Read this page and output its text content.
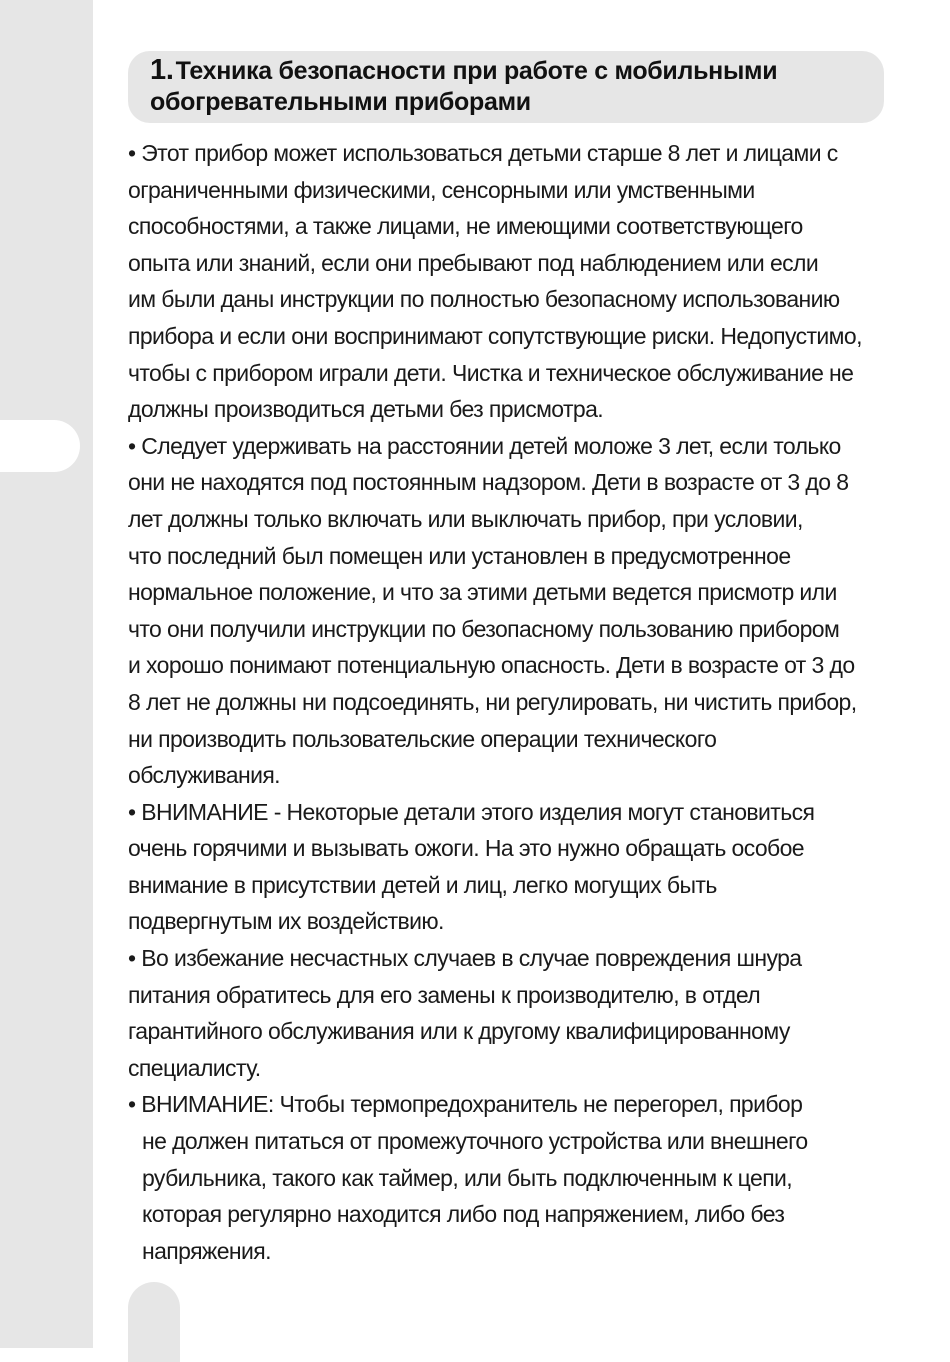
1.Техника безопасности при работе с мобильными
обогревательными приборами

• Этот прибор может использоваться детьми старше 8 лет и лицами с
ограниченными физическими, сенсорными или умственными
способностями, а также лицами, не имеющими соответствующего
опыта или знаний, если они пребывают под наблюдением или если
им были даны инструкции по полностью безопасному использованию
прибора и если они воспринимают сопутствующие риски. Недопустимо,
чтобы с прибором играли дети. Чистка и техническое обслуживание не
должны производиться детьми без присмотра.

• Следует удерживать на расстоянии детей моложе 3 лет, если только
они не находятся под постоянным надзором. Дети в возрасте от 3 до 8
лет должны только включать или выключать прибор, при условии,
что последний был помещен или установлен в предусмотренное
нормальное положение, и что за этими детьми ведется присмотр или
что они получили инструкции по безопасному пользованию прибором
и хорошо понимают потенциальную опасность. Дети в возрасте от 3 до
8 лет не должны ни подсоединять, ни регулировать, ни чистить прибор,
ни производить пользовательские операции технического
обслуживания.

• ВНИМАНИЕ - Некоторые детали этого изделия могут становиться
очень горячими и вызывать ожоги. На это нужно обращать особое
внимание в присутствии детей и лиц, легко могущих быть
подвергнутым их воздействию.

• Во избежание несчастных случаев в случае повреждения шнура
питания обратитесь для его замены к производителю, в отдел
гарантийного обслуживания или к другому квалифицированному
специалисту.

• ВНИМАНИЕ: Чтобы термопредохранитель не перегорел, прибор
не должен питаться от промежуточного устройства или внешнего
рубильника, такого как таймер, или быть подключенным к цепи,
которая регулярно находится либо под напряжением, либо без
напряжения.
